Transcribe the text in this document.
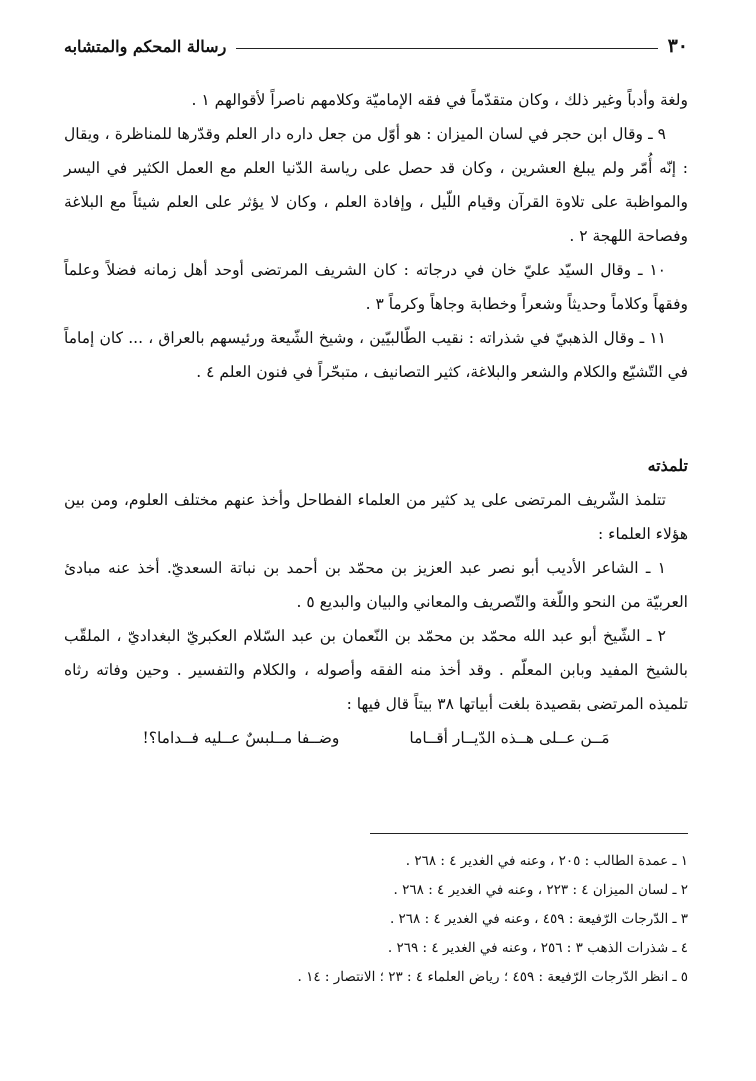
٣٠
رسالة المحكم والمتشابه

ولغة وأدباً وغير ذلك ، وكان متقدّماً في فقه الإماميّة وكلامهم ناصراً لأقوالهم ١ .

٩ ـ وقال ابن حجر في لسان الميزان : هو أوّل من جعل داره دار العلم وقدّرها للمناظرة ، ويقال : إنّه أُمّر ولم يبلغ العشرين ، وكان قد حصل على رياسة الدّنيا العلم مع العمل الكثير في اليسر والمواظبة على تلاوة القرآن وقيام اللّيل ، وإفادة العلم ، وكان لا يؤثر على العلم شيئاً مع البلاغة وفصاحة اللهجة ٢ .

١٠ ـ وقال السيّد عليّ خان في درجاته : كان الشريف المرتضى أوحد أهل زمانه فضلاً وعلماً وفقهاً وكلاماً وحديثاً وشعراً وخطابة وجاهاً وكرماً ٣ .

١١ ـ وقال الذهبيّ في شذراته : نقيب الطّالبيّين ، وشيخ الشّيعة ورئيسهم بالعراق ، ... كان إماماً في التّشيّع والكلام والشعر والبلاغة، كثير التصانيف ، متبحّراً في فنون العلم ٤ .

تلمذته

تتلمذ الشّريف المرتضى على يد كثير من العلماء الفطاحل وأخذ عنهم مختلف العلوم، ومن بين هؤلاء العلماء :

١ ـ الشاعر الأديب أبو نصر عبد العزيز بن محمّد بن أحمد بن نباتة السعديّ. أخذ عنه مبادئ العربيّة من النحو واللّغة والتّصريف والمعاني والبيان والبديع ٥ .

٢ ـ الشّيخ أبو عبد الله محمّد بن محمّد بن النّعمان بن عبد السّلام العكبريّ البغداديّ ، الملقّب بالشيخ المفيد وبابن المعلّم . وقد أخذ منه الفقه وأصوله ، والكلام والتفسير . وحين وفاته رثاه تلميذه المرتضى بقصيدة بلغت أبياتها ٣٨ بيتاً قال فيها :

مَــن عــلى هــذه الدّيــار أقــاما
وضــفا مــلبسٌ عــليه فــداما؟!

١ ـ عمدة الطالب : ٢٠٥ ، وعنه في الغدير ٤ : ٢٦٨ .

٢ ـ لسان الميزان ٤ : ٢٢٣ ، وعنه في الغدير ٤ : ٢٦٨ .

٣ ـ الدّرجات الرّفيعة : ٤٥٩ ، وعنه في الغدير ٤ : ٢٦٨ .

٤ ـ شذرات الذهب ٣ : ٢٥٦ ، وعنه في الغدير ٤ : ٢٦٩ .

٥ ـ انظر الدّرجات الرّفيعة : ٤٥٩ ؛ رياض العلماء ٤ : ٢٣ ؛ الانتصار : ١٤ .
